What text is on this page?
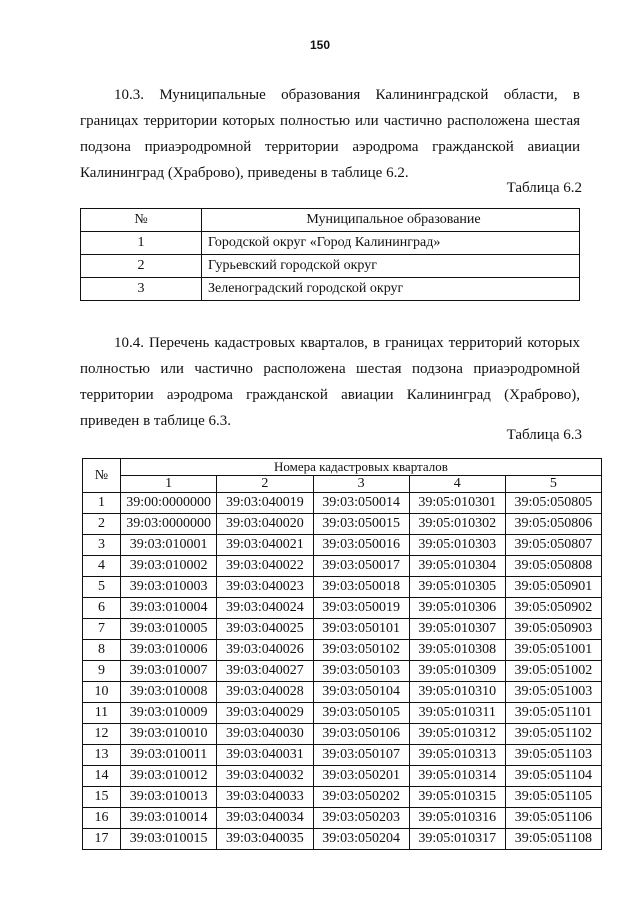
150

10.3. Муниципальные образования Калининградской области, в границах территории которых полностью или частично расположена шестая подзона приаэродромной территории аэродрома гражданской авиации Калининград (Храброво), приведены в таблице 6.2.

Таблица 6.2
№	Муниципальное образование
1	Городской округ «Город Калининград»
2	Гурьевский городской округ
3	Зеленоградский городской округ

10.4. Перечень кадастровых кварталов, в границах территорий которых полностью или частично расположена шестая подзона приаэродромной территории аэродрома гражданской авиации Калининград (Храброво), приведен в таблице 6.3.

Таблица 6.3
№	Номера кадастровых кварталов				
	1	2	3	4	5
1	39:00:0000000	39:03:040019	39:03:050014	39:05:010301	39:05:050805
2	39:03:0000000	39:03:040020	39:03:050015	39:05:010302	39:05:050806
3	39:03:010001	39:03:040021	39:03:050016	39:05:010303	39:05:050807
4	39:03:010002	39:03:040022	39:03:050017	39:05:010304	39:05:050808
5	39:03:010003	39:03:040023	39:03:050018	39:05:010305	39:05:050901
6	39:03:010004	39:03:040024	39:03:050019	39:05:010306	39:05:050902
7	39:03:010005	39:03:040025	39:03:050101	39:05:010307	39:05:050903
8	39:03:010006	39:03:040026	39:03:050102	39:05:010308	39:05:051001
9	39:03:010007	39:03:040027	39:03:050103	39:05:010309	39:05:051002
10	39:03:010008	39:03:040028	39:03:050104	39:05:010310	39:05:051003
11	39:03:010009	39:03:040029	39:03:050105	39:05:010311	39:05:051101
12	39:03:010010	39:03:040030	39:03:050106	39:05:010312	39:05:051102
13	39:03:010011	39:03:040031	39:03:050107	39:05:010313	39:05:051103
14	39:03:010012	39:03:040032	39:03:050201	39:05:010314	39:05:051104
15	39:03:010013	39:03:040033	39:03:050202	39:05:010315	39:05:051105
16	39:03:010014	39:03:040034	39:03:050203	39:05:010316	39:05:051106
17	39:03:010015	39:03:040035	39:03:050204	39:05:010317	39:05:051108
